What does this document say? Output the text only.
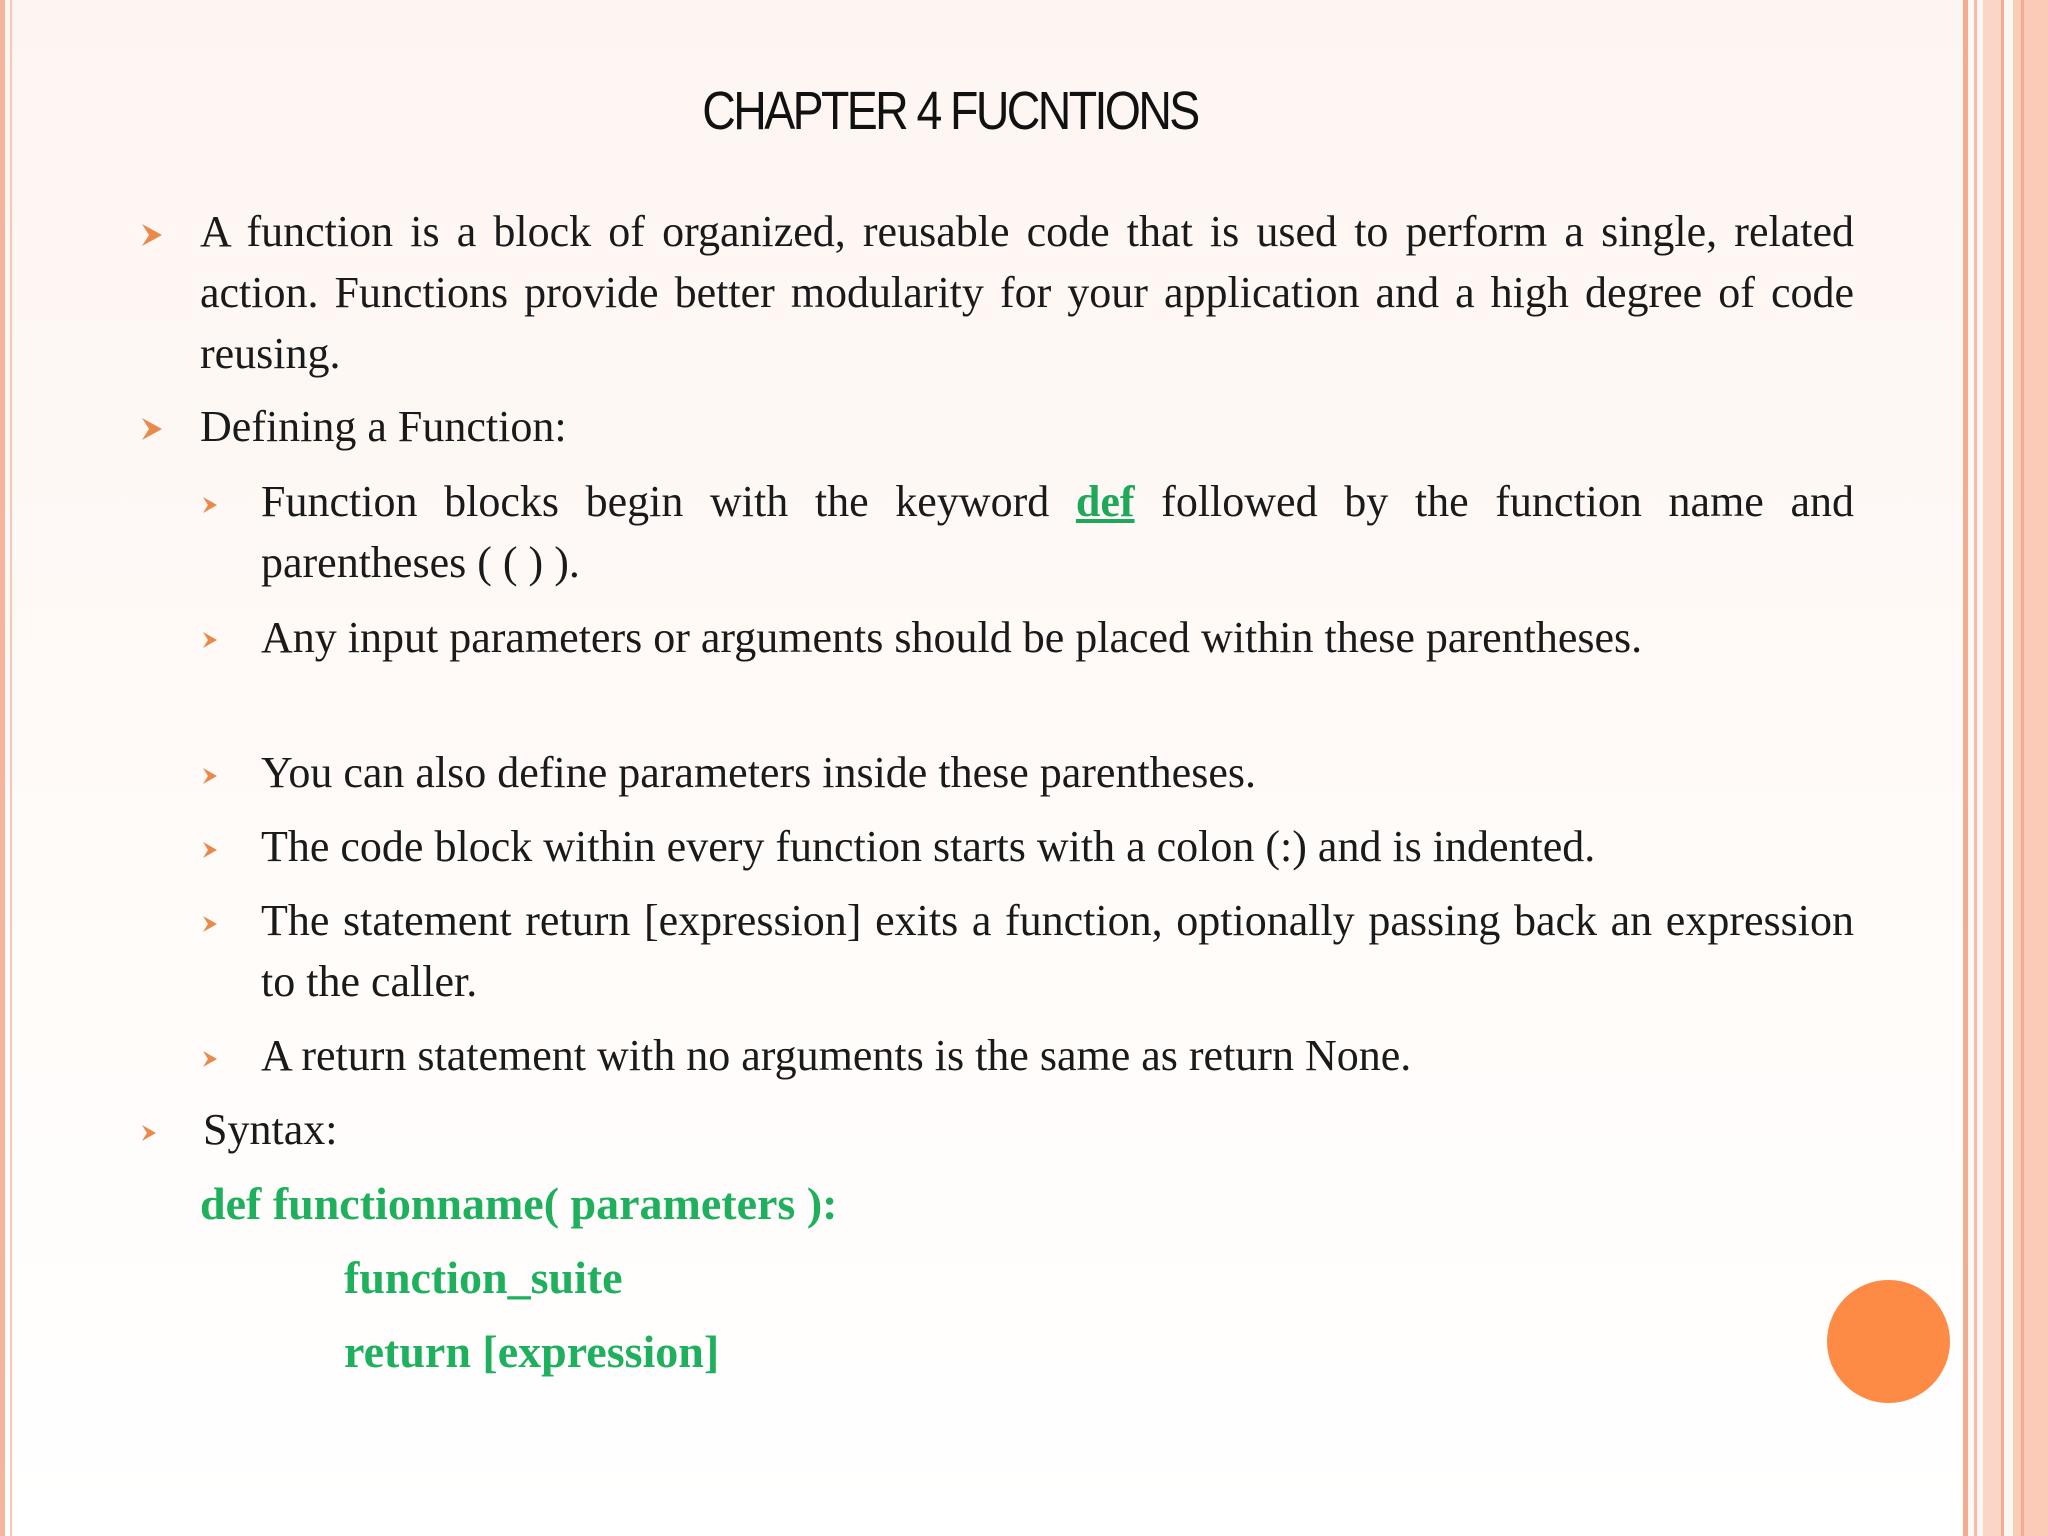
CHAPTER 4 FUCNTIONS
A function is a block of organized, reusable code that is used to perform a single, related action. Functions provide better modularity for your application and a high degree of code reusing.
Defining a Function:
Function blocks begin with the keyword def followed by the function name and parentheses ( ( ) ).
Any input parameters or arguments should be placed within these parentheses.
You can also define parameters inside these parentheses.
The code block within every function starts with a colon (:) and is indented.
The statement return [expression] exits a function, optionally passing back an expression to the caller.
A return statement with no arguments is the same as return None.
Syntax:
def functionname( parameters ):
function_suite
return [expression]
